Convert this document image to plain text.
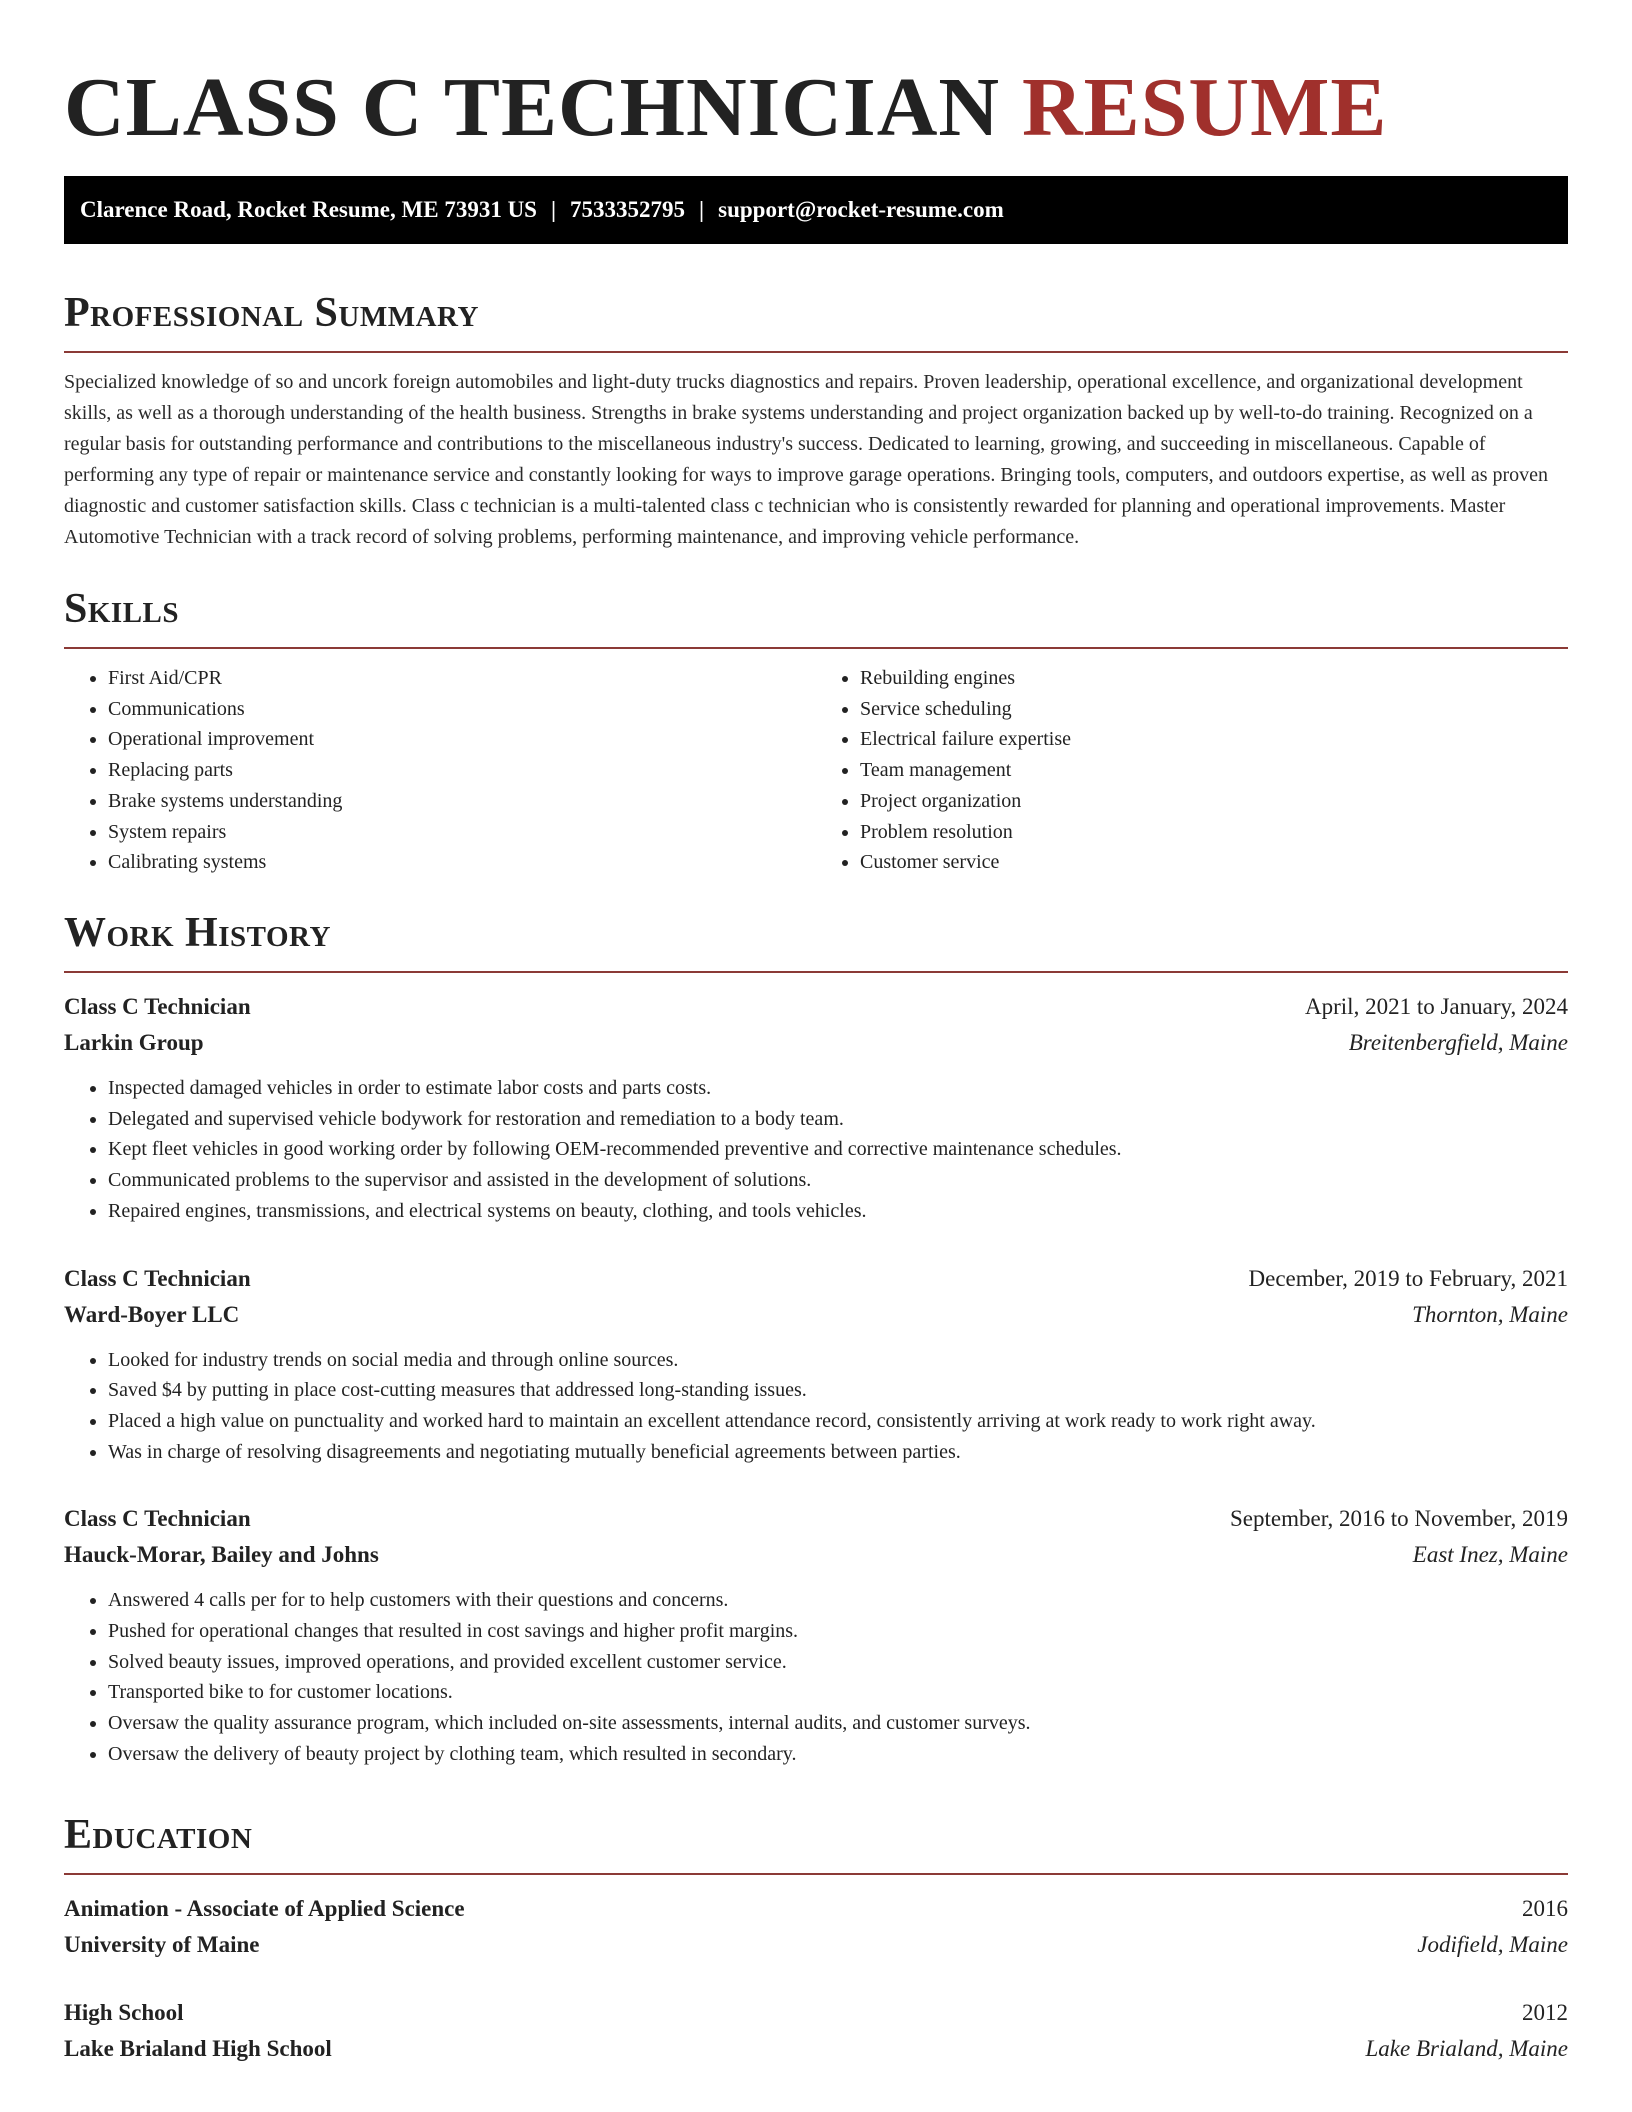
CLASS C TECHNICIAN RESUME
Clarence Road, Rocket Resume, ME 73931 US | 7533352795 | support@rocket-resume.com
Professional Summary
Specialized knowledge of so and uncork foreign automobiles and light-duty trucks diagnostics and repairs. Proven leadership, operational excellence, and organizational development skills, as well as a thorough understanding of the health business. Strengths in brake systems understanding and project organization backed up by well-to-do training. Recognized on a regular basis for outstanding performance and contributions to the miscellaneous industry's success. Dedicated to learning, growing, and succeeding in miscellaneous. Capable of performing any type of repair or maintenance service and constantly looking for ways to improve garage operations. Bringing tools, computers, and outdoors expertise, as well as proven diagnostic and customer satisfaction skills. Class c technician is a multi-talented class c technician who is consistently rewarded for planning and operational improvements. Master Automotive Technician with a track record of solving problems, performing maintenance, and improving vehicle performance.
Skills
• First Aid/CPR
• Communications
• Operational improvement
• Replacing parts
• Brake systems understanding
• System repairs
• Calibrating systems
• Rebuilding engines
• Service scheduling
• Electrical failure expertise
• Team management
• Project organization
• Problem resolution
• Customer service
Work History
Class C Technician	April, 2021 to January, 2024
Larkin Group	Breitenbergfield, Maine
• Inspected damaged vehicles in order to estimate labor costs and parts costs.
• Delegated and supervised vehicle bodywork for restoration and remediation to a body team.
• Kept fleet vehicles in good working order by following OEM-recommended preventive and corrective maintenance schedules.
• Communicated problems to the supervisor and assisted in the development of solutions.
• Repaired engines, transmissions, and electrical systems on beauty, clothing, and tools vehicles.
Class C Technician	December, 2019 to February, 2021
Ward-Boyer LLC	Thornton, Maine
• Looked for industry trends on social media and through online sources.
• Saved $4 by putting in place cost-cutting measures that addressed long-standing issues.
• Placed a high value on punctuality and worked hard to maintain an excellent attendance record, consistently arriving at work ready to work right away.
• Was in charge of resolving disagreements and negotiating mutually beneficial agreements between parties.
Class C Technician	September, 2016 to November, 2019
Hauck-Morar, Bailey and Johns	East Inez, Maine
• Answered 4 calls per for to help customers with their questions and concerns.
• Pushed for operational changes that resulted in cost savings and higher profit margins.
• Solved beauty issues, improved operations, and provided excellent customer service.
• Transported bike to for customer locations.
• Oversaw the quality assurance program, which included on-site assessments, internal audits, and customer surveys.
• Oversaw the delivery of beauty project by clothing team, which resulted in secondary.
Education
Animation - Associate of Applied Science	2016
University of Maine	Jodifield, Maine
High School	2012
Lake Brialand High School	Lake Brialand, Maine
